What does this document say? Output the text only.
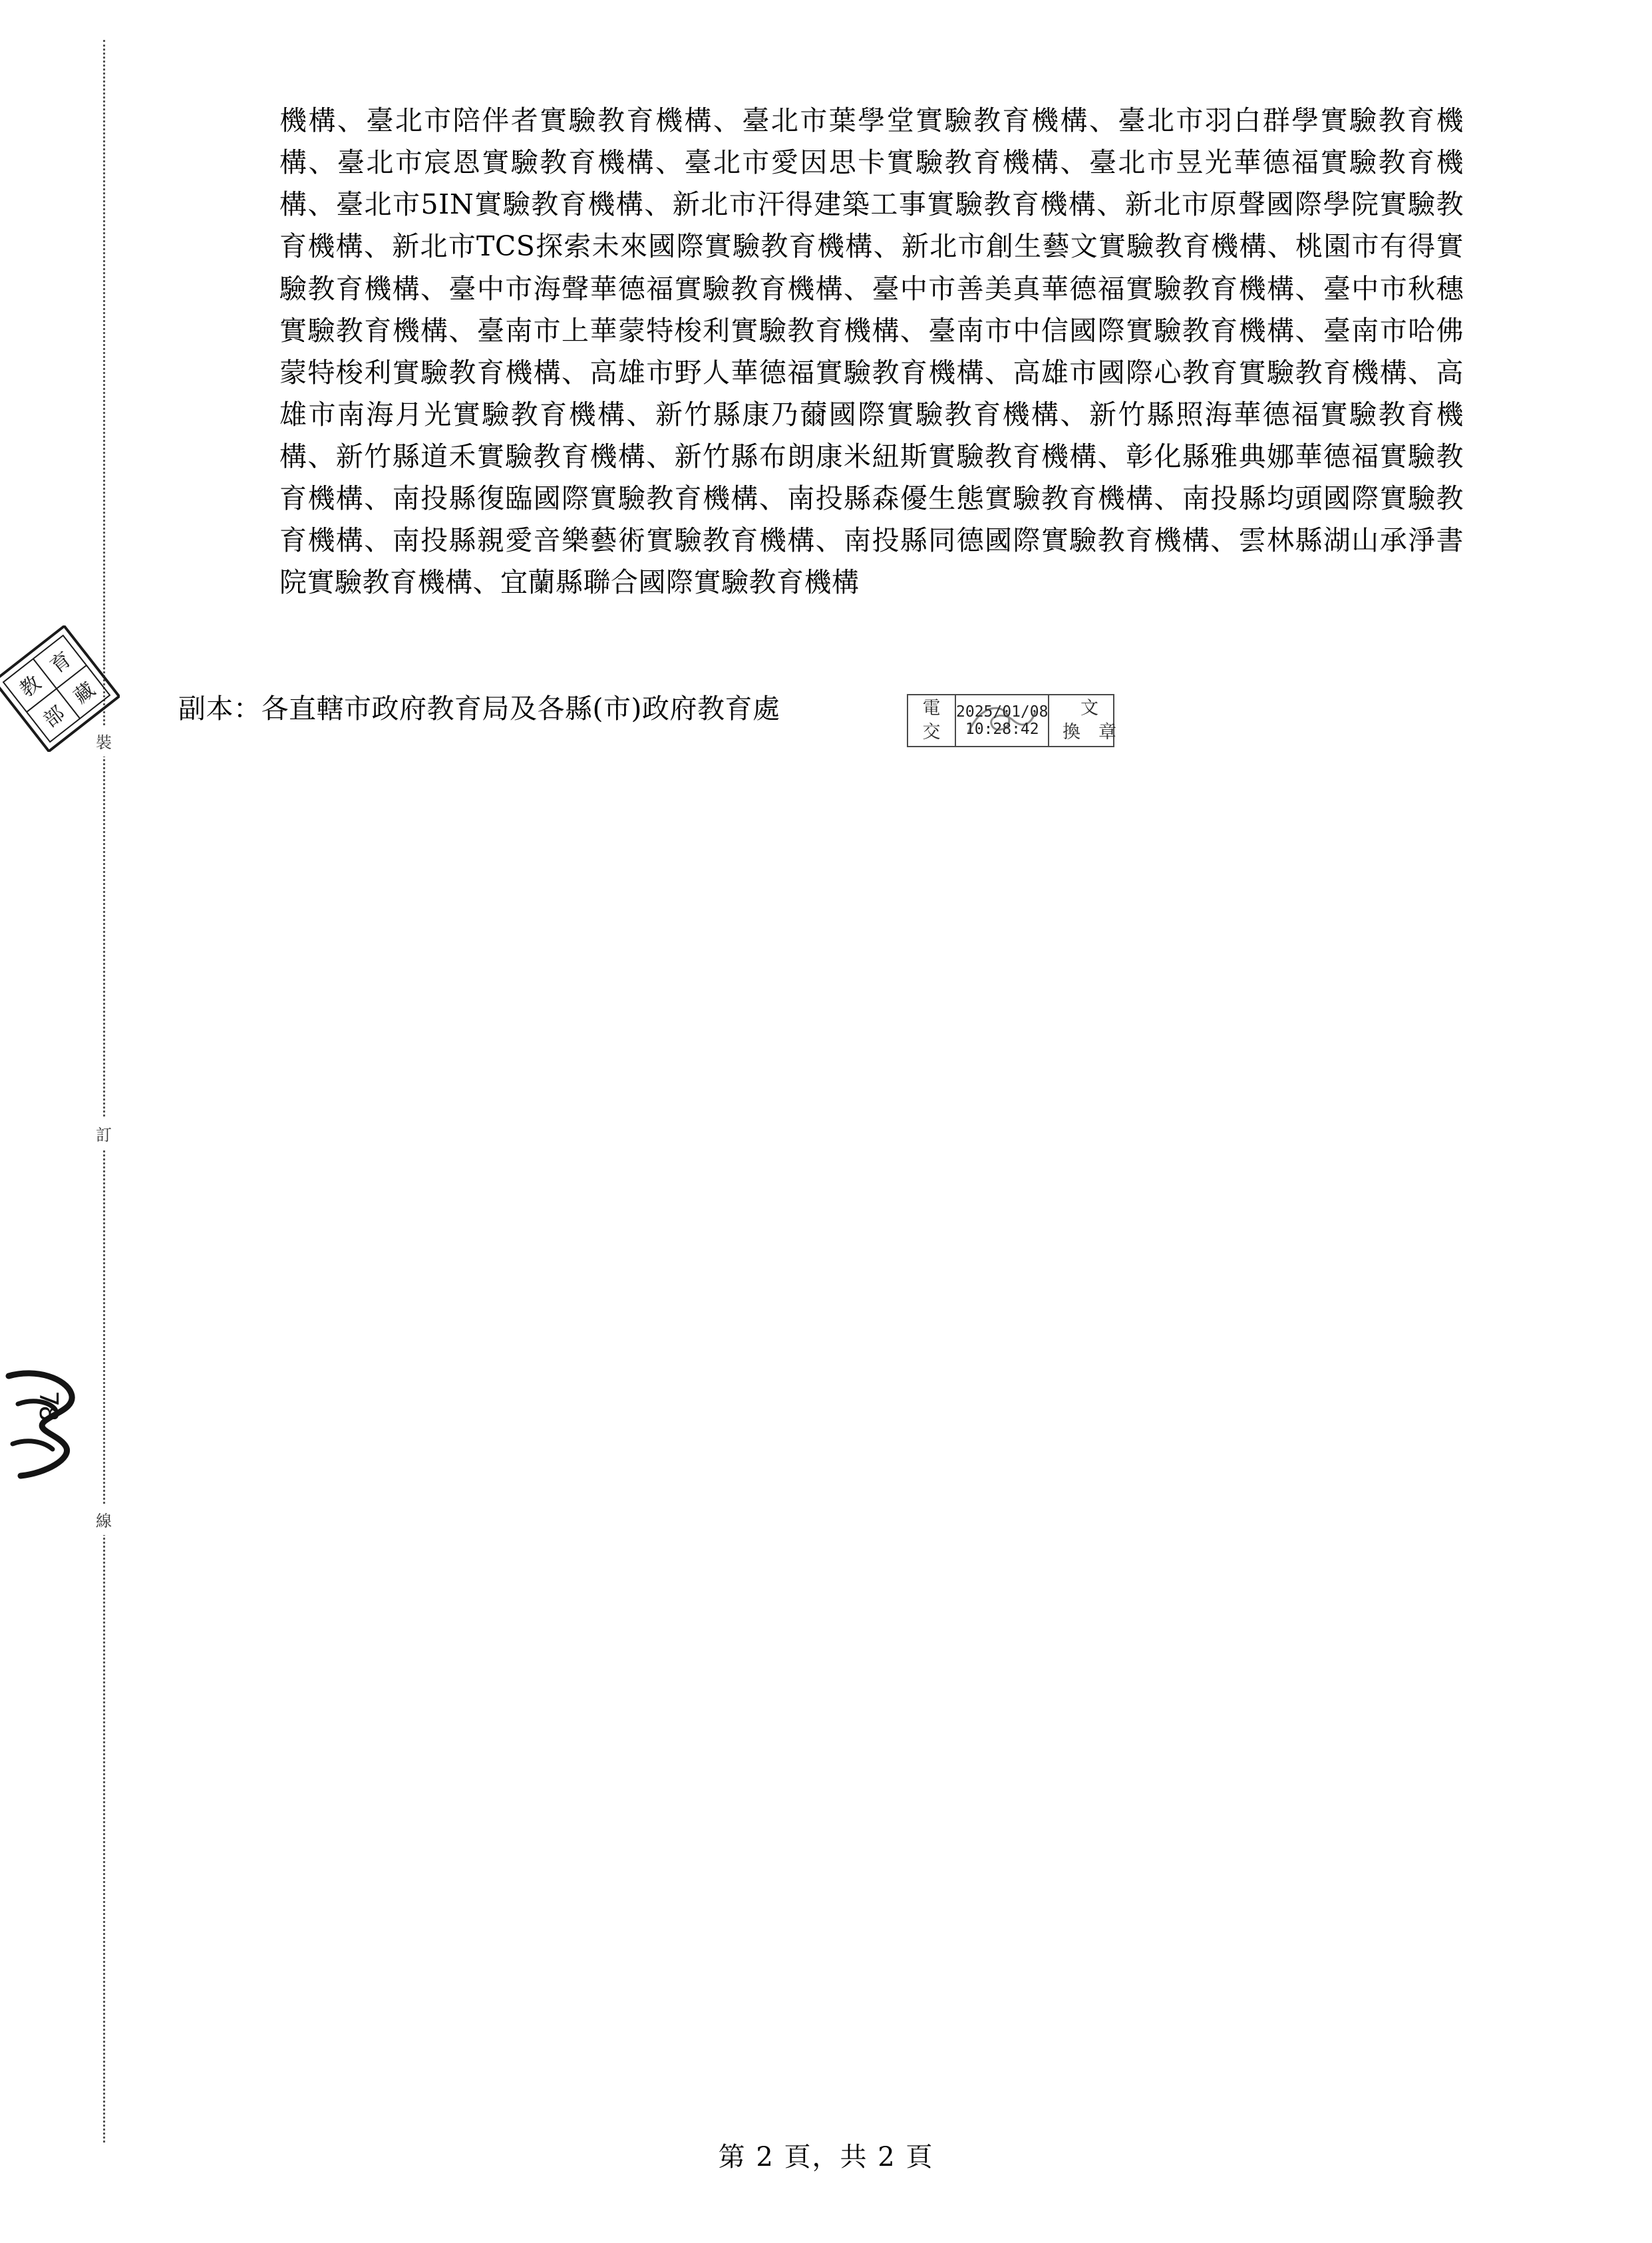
教
育
部
藏
78
裝
訂
線
機構、臺北市陪伴者實驗教育機構、臺北市葉學堂實驗教育機構、臺北市羽白群學實驗教育機構、臺北市宸恩實驗教育機構、臺北市愛因思卡實驗教育機構、臺北市昱光華德福實驗教育機構、臺北市5IN實驗教育機構、新北市汗得建築工事實驗教育機構、新北市原聲國際學院實驗教育機構、新北市TCS探索未來國際實驗教育機構、新北市創生藝文實驗教育機構、桃園市有得實驗教育機構、臺中市海聲華德福實驗教育機構、臺中市善美真華德福實驗教育機構、臺中市秋穗實驗教育機構、臺南市上華蒙特梭利實驗教育機構、臺南市中信國際實驗教育機構、臺南市哈佛蒙特梭利實驗教育機構、高雄市野人華德福實驗教育機構、高雄市國際心教育實驗教育機構、高雄市南海月光實驗教育機構、新竹縣康乃薾國際實驗教育機構、新竹縣照海華德福實驗教育機構、新竹縣道禾實驗教育機構、新竹縣布朗康米紐斯實驗教育機構、彰化縣雅典娜華德福實驗教育機構、南投縣復臨國際實驗教育機構、南投縣森優生態實驗教育機構、南投縣均頭國際實驗教育機構、南投縣親愛音樂藝術實驗教育機構、南投縣同德國際實驗教育機構、雲林縣湖山承淨書院實驗教育機構、宜蘭縣聯合國際實驗教育機構
副本：各直轄市政府教育局及各縣(市)政府教育處	電
交
2025/01/08
10:28:42
文
換 章
第 2 頁，共 2 頁
